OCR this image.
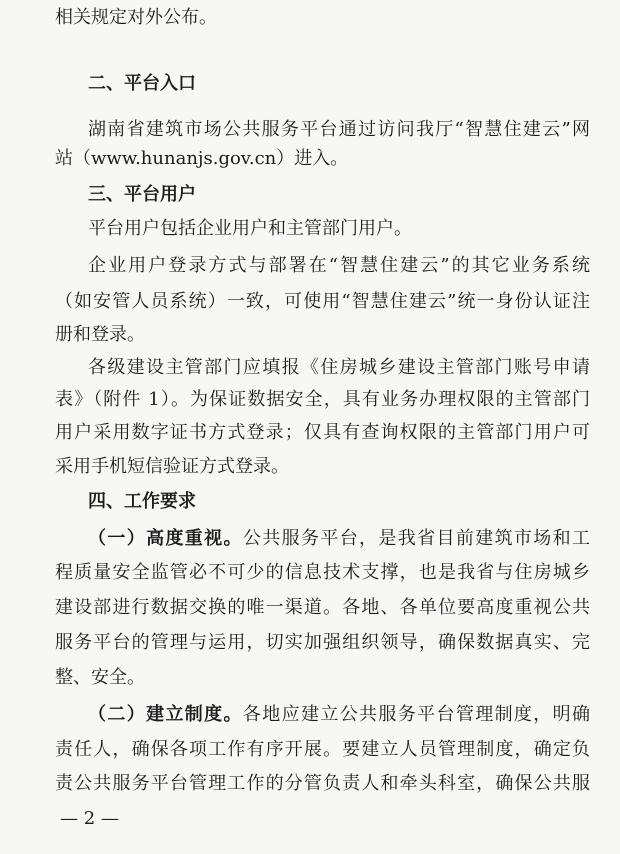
相关规定对外公布。
二、平台入口
湖南省建筑市场公共服务平台通过访问我厅“智慧住建云”网
站（www.hunanjs.gov.cn）进入。
三、平台用户
平台用户包括企业用户和主管部门用户。
企业用户登录方式与部署在“智慧住建云”的其它业务系统
（如安管人员系统）一致，可使用“智慧住建云”统一身份认证注
册和登录。
各级建设主管部门应填报《住房城乡建设主管部门账号申请
表》（附件 1）。为保证数据安全，具有业务办理权限的主管部门
用户采用数字证书方式登录；仅具有查询权限的主管部门用户可
采用手机短信验证方式登录。
四、工作要求
（一）高度重视。公共服务平台，是我省目前建筑市场和工
程质量安全监管必不可少的信息技术支撑，也是我省与住房城乡
建设部进行数据交换的唯一渠道。各地、各单位要高度重视公共
服务平台的管理与运用，切实加强组织领导，确保数据真实、完
整、安全。
（二）建立制度。各地应建立公共服务平台管理制度，明确
责任人，确保各项工作有序开展。要建立人员管理制度，确定负
责公共服务平台管理工作的分管负责人和牵头科室，确保公共服
— 2 —
